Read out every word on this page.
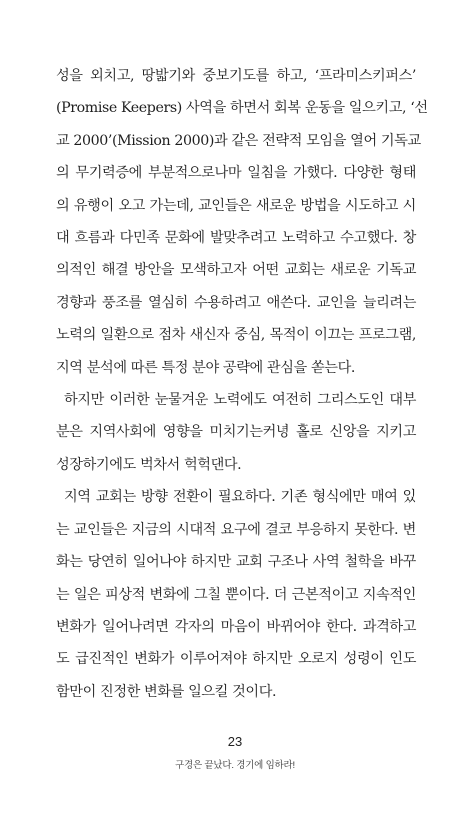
성을 외치고, 땅밟기와 중보기도를 하고, ‘프라미스키퍼스’
(Promise Keepers) 사역을 하면서 회복 운동을 일으키고, ‘선
교 2000’(Mission 2000)과 같은 전략적 모임을 열어 기독교
의 무기력증에 부분적으로나마 일침을 가했다. 다양한 형태
의 유행이 오고 가는데, 교인들은 새로운 방법을 시도하고 시
대 흐름과 다민족 문화에 발맞추려고 노력하고 수고했다. 창
의적인 해결 방안을 모색하고자 어떤 교회는 새로운 기독교
경향과 풍조를 열심히 수용하려고 애쓴다. 교인을 늘리려는
노력의 일환으로 점차 새신자 중심, 목적이 이끄는 프로그램,
지역 분석에 따른 특정 분야 공략에 관심을 쏟는다.
하지만 이러한 눈물겨운 노력에도 여전히 그리스도인 대부
분은 지역사회에 영향을 미치기는커녕 홀로 신앙을 지키고
성장하기에도 벅차서 헉헉댄다.
지역 교회는 방향 전환이 필요하다. 기존 형식에만 매여 있
는 교인들은 지금의 시대적 요구에 결코 부응하지 못한다. 변
화는 당연히 일어나야 하지만 교회 구조나 사역 철학을 바꾸
는 일은 피상적 변화에 그칠 뿐이다. 더 근본적이고 지속적인
변화가 일어나려면 각자의 마음이 바뀌어야 한다. 과격하고
도 급진적인 변화가 이루어져야 하지만 오로지 성령이 인도
함만이 진정한 변화를 일으킬 것이다.
23
구경은 끝났다. 경기에 임하라!
